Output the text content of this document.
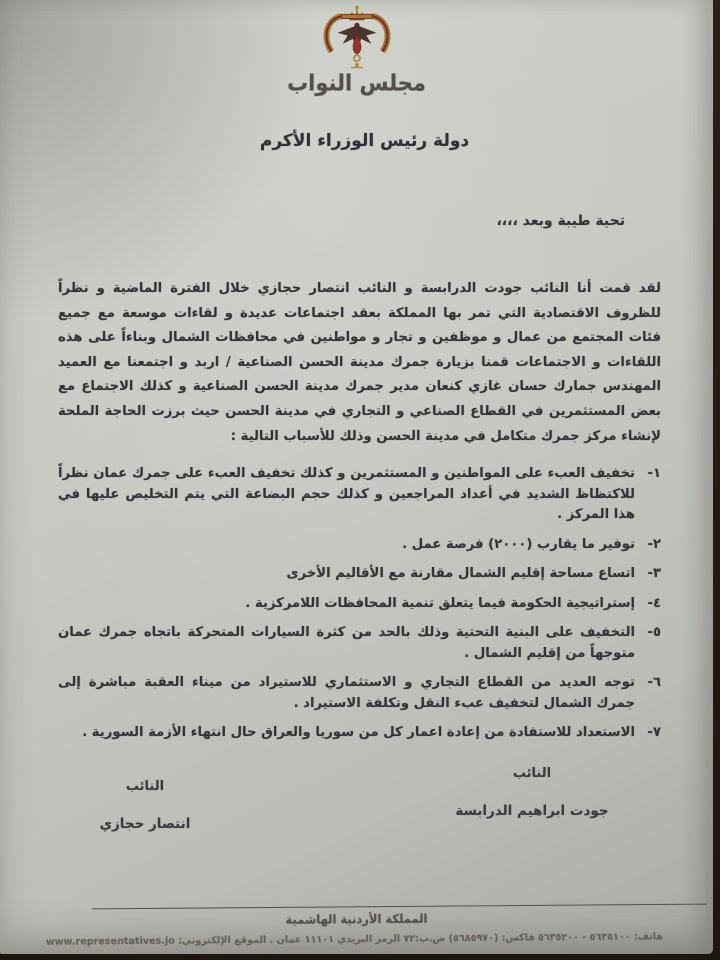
مجلس النواب
دولة رئيس الوزراء الأكرم
تحية طيبة وبعد ،،،،
لقد قمت أنا النائب جودت الدرابسة و النائب انتصار حجازي خلال الفترة الماضية و نظراً للظروف الاقتصادية التي تمر بها المملكة بعقد اجتماعات عديدة و لقاءات موسعة مع جميع فئات المجتمع من عمال و موظفين و تجار و مواطنين في محافظات الشمال وبناءاً على هذه اللقاءات و الاجتماعات قمنا بزيارة جمرك مدينة الحسن الصناعية / اربد و اجتمعنا مع العميد المهندس جمارك حسان غازي كنعان مدير جمرك مدينة الحسن الصناعية و كذلك الاجتماع مع بعض المستثمرين في القطاع الصناعي و التجاري في مدينة الحسن حيث برزت الحاجة الملحة لإنشاء مركز جمرك متكامل في مدينة الحسن وذلك للأسباب التالية :
١-
تخفيف العبء على المواطنين و المستثمرين و كذلك تخفيف العبء على جمرك عمان نظراً للاكتظاظ الشديد في أعداد المراجعين و كذلك حجم البضاعة التي يتم التخليص عليها في هذا المركز .
٢-
توفير ما يقارب (٢٠٠٠) فرصة عمل .
٣-
اتساع مساحة إقليم الشمال مقارنة مع الأقاليم الأخرى
٤-
إستراتيجية الحكومة فيما يتعلق تنمية المحافظات اللامركزية .
٥-
التخفيف على البنية التحتية وذلك بالحد من كثرة السيارات المتحركة باتجاه جمرك عمان متوجهاً من إقليم الشمال .
٦-
توجه العديد من القطاع التجاري و الاستثماري للاستيراد من ميناء العقبة مباشرة إلى جمرك الشمال لتخفيف عبء النقل وتكلفة الاستيراد .
٧-
الاستعداد للاستفادة من إعادة اعمار كل من سوريا والعراق حال انتهاء الأزمة السورية .
النائب
جودت ابراهيم الدرابسة
النائب
انتصار حجازي
المملكة الأردنية الهاشمية
هاتف: ٥٦٣٥١٠٠ - ٥٦٣٥٢٠٠ فاكس: (٥٦٨٥٩٧٠) ص.ب:٧٢ الرمز البريدي ١١١٠١ عمان . الموقع الإلكتروني: www.representatives.jo
